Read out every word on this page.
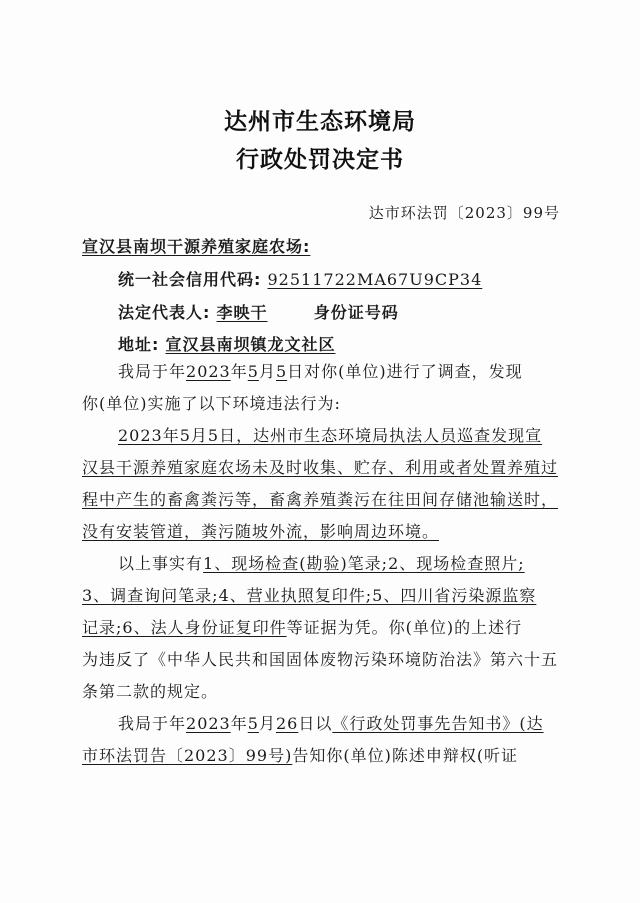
达州市生态环境局
行政处罚决定书
达市环法罚〔2023〕99号
宣汉县南坝干源养殖家庭农场:
统一社会信用代码: 92511722MA67U9CP34
法定代表人: 李映干	身份证号码
地址: 宣汉县南坝镇龙文社区
我局于年2023年5月5日对你(单位)进行了调查，发现
你(单位)实施了以下环境违法行为:
2023年5月5日，达州市生态环境局执法人员巡查发现宣
汉县干源养殖家庭农场未及时收集、贮存、利用或者处置养殖过
程中产生的畜禽粪污等，畜禽养殖粪污在往田间存储池输送时，
没有安装管道，粪污随坡外流，影响周边环境。
以上事实有1、现场检查(勘验)笔录;2、现场检查照片;
3、调查询问笔录;4、营业执照复印件;5、四川省污染源监察
记录;6、法人身份证复印件等证据为凭。你(单位)的上述行
为违反了《中华人民共和国固体废物污染环境防治法》第六十五
条第二款的规定。
我局于年2023年5月26日以《行政处罚事先告知书》(达
市环法罚告〔2023〕99号)告知你(单位)陈述申辩权(听证
